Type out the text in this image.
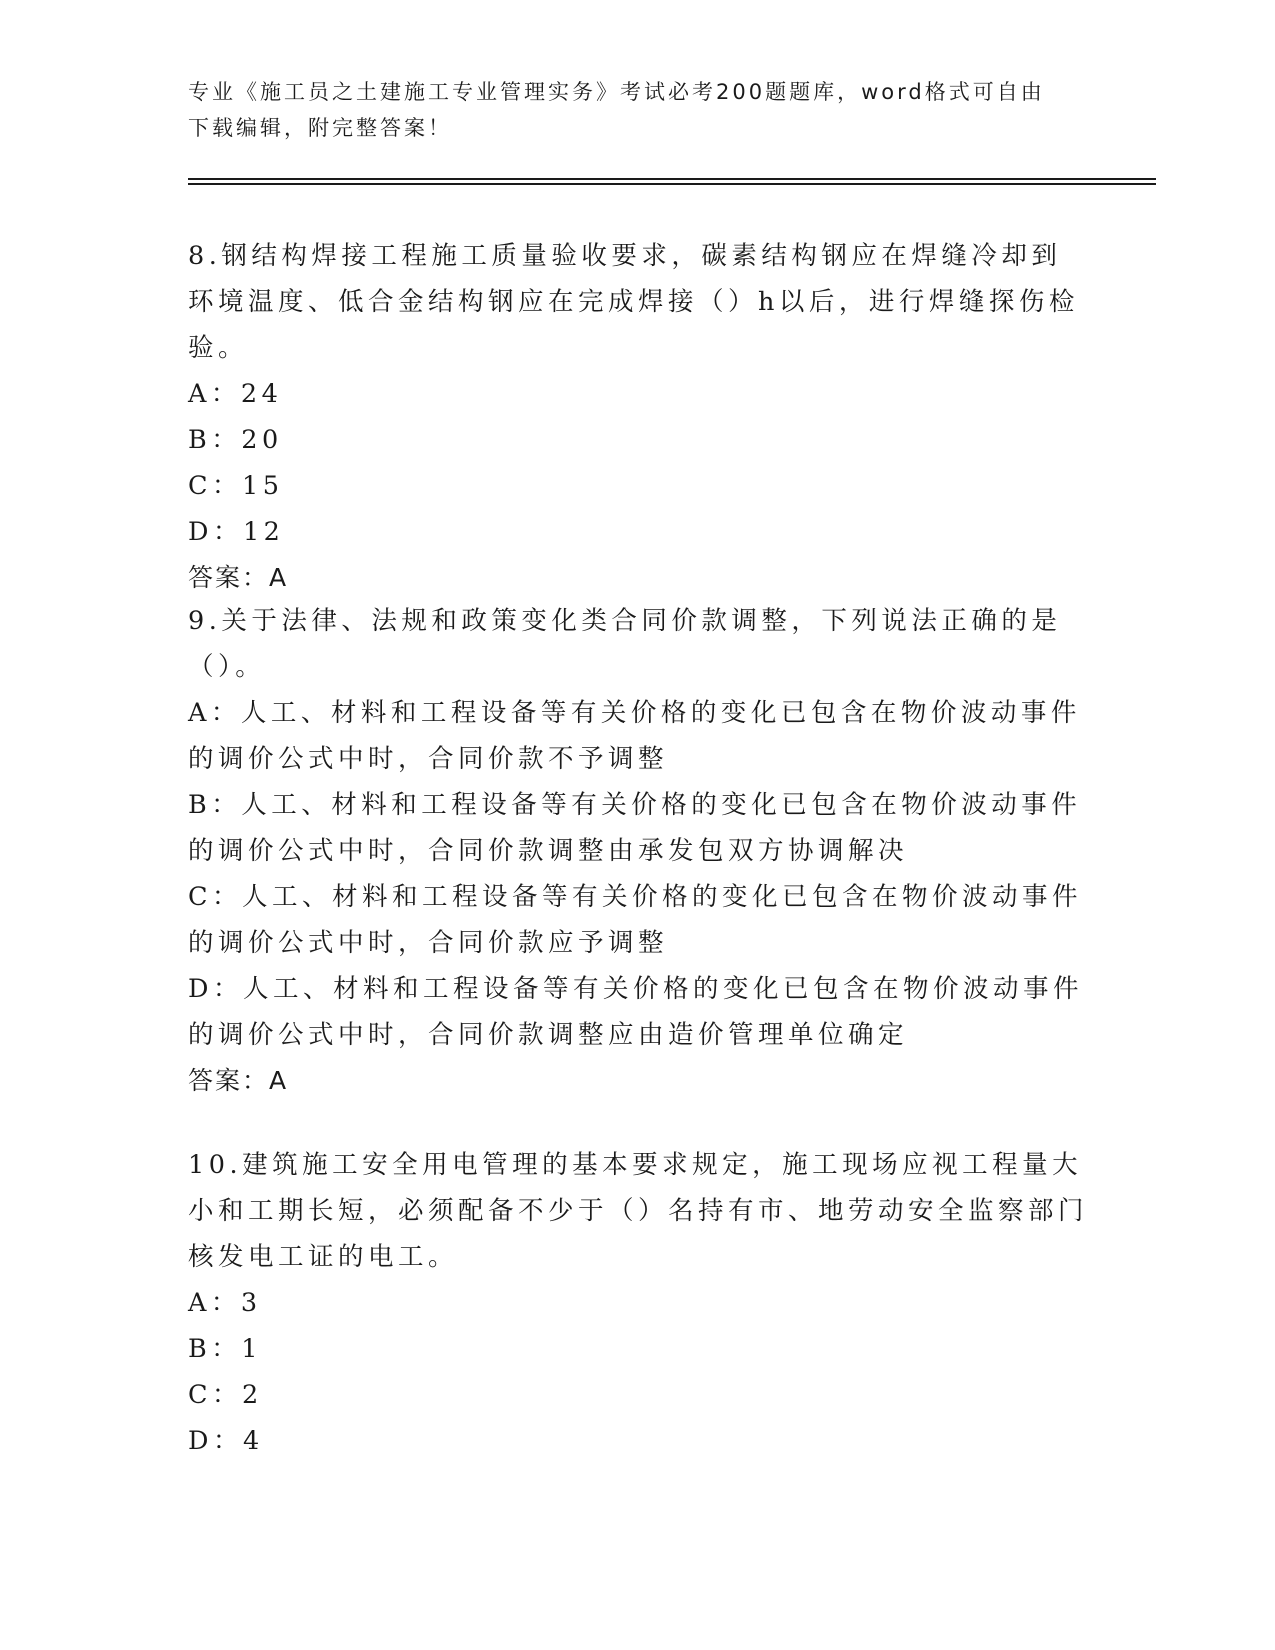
专业《施工员之土建施工专业管理实务》考试必考200题题库，word格式可自由下载编辑，附完整答案！
8.钢结构焊接工程施工质量验收要求，碳素结构钢应在焊缝冷却到环境温度、低合金结构钢应在完成焊接（）h以后，进行焊缝探伤检验。
A：24
B：20
C：15
D：12
答案：A
9.关于法律、法规和政策变化类合同价款调整，下列说法正确的是（）。
A：人工、材料和工程设备等有关价格的变化已包含在物价波动事件的调价公式中时，合同价款不予调整
B：人工、材料和工程设备等有关价格的变化已包含在物价波动事件的调价公式中时，合同价款调整由承发包双方协调解决
C：人工、材料和工程设备等有关价格的变化已包含在物价波动事件的调价公式中时，合同价款应予调整
D：人工、材料和工程设备等有关价格的变化已包含在物价波动事件的调价公式中时，合同价款调整应由造价管理单位确定
答案：A
10.建筑施工安全用电管理的基本要求规定，施工现场应视工程量大小和工期长短，必须配备不少于（）名持有市、地劳动安全监察部门核发电工证的电工。
A：3
B：1
C：2
D：4
